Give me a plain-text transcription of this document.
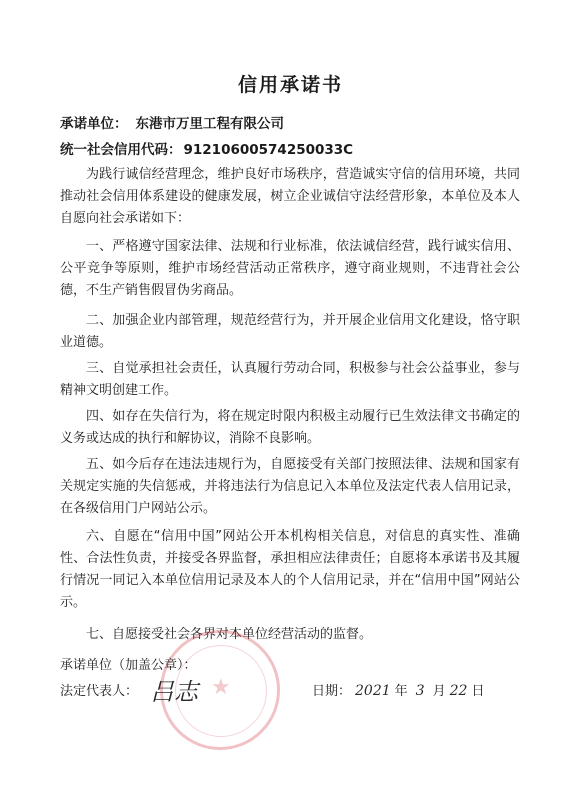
信用承诺书
承诺单位： 东港市万里工程有限公司
统一社会信用代码： 91210600574250033C
为践行诚信经营理念，维护良好市场秩序，营造诚实守信的信用环境，共同推动社会信用体系建设的健康发展，树立企业诚信守法经营形象，本单位及本人自愿向社会承诺如下：
一、严格遵守国家法律、法规和行业标准，依法诚信经营，践行诚实信用、公平竞争等原则，维护市场经营活动正常秩序，遵守商业规则，不违背社会公德，不生产销售假冒伪劣商品。
二、加强企业内部管理，规范经营行为，并开展企业信用文化建设，恪守职业道德。
三、自觉承担社会责任，认真履行劳动合同，积极参与社会公益事业，参与精神文明创建工作。
四、如存在失信行为，将在规定时限内积极主动履行已生效法律文书确定的义务或达成的执行和解协议，消除不良影响。
五、如今后存在违法违规行为，自愿接受有关部门按照法律、法规和国家有关规定实施的失信惩戒，并将违法行为信息记入本单位及法定代表人信用记录，在各级信用门户网站公示。
六、自愿在“信用中国”网站公开本机构相关信息，对信息的真实性、准确性、合法性负责，并接受各界监督，承担相应法律责任；自愿将本承诺书及其履行情况一同记入本单位信用记录及本人的个人信用记录，并在“信用中国”网站公示。
七、自愿接受社会各界对本单位经营活动的监督。
★
承诺单位（加盖公章）：
法定代表人： 吕志	日期： 2021 年 3 月 22 日
